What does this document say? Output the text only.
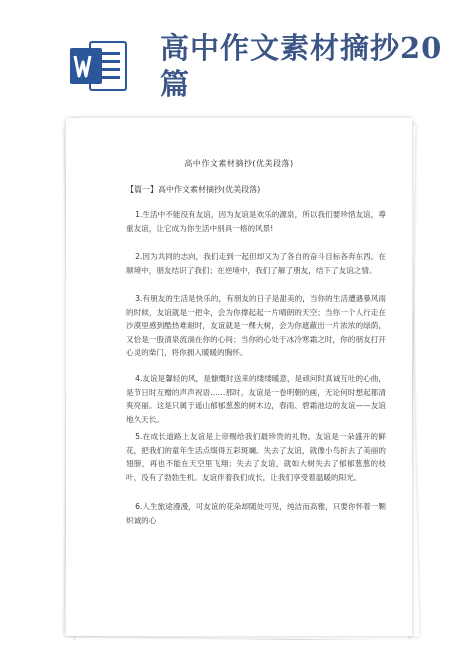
高中作文素材摘抄20篇
高中作文素材摘抄(优美段落)
【篇一】高中作文素材摘抄(优美段落)

1.生活中不能没有友谊，因为友谊是欢乐的源泉，所以我们要珍惜友谊，尊重友谊，让它成为你生活中别具一格的风景!

2.因为共同的志向，我们走到一起但却又为了各自的奋斗目标各奔东西。在顺境中，朋友结识了我们；在逆境中，我们了解了朋友，结下了友谊之情。

3.有朋友的生活是快乐的，有朋友的日子是甜美的，当你的生活遭遇暴风雨的时候，友谊就是一把伞，会为你撑起起一片晴朗的天空；当你一个人行走在沙漠里感到酷热难耐时，友谊就是一棵大树，会为你遮蔽出一片浓浓的绿荫，又恰是一股清泉流淌在你的心间；当你的心处于冰冷寒霜之时，你的朋友打开心灵的柴门，将你拥入暖暖的胸怀。

4.友谊是馨轻的风，是慷慨时送来的缕缕暖意，是顽问时真诚互吐的心曲，是节日时互赠的声声祝语……那时，友谊是一卷明朝的画，无论何时想起都清爽亮丽。这是只属于遥山郁郁葱葱的树木边，春雨、碧霜池边的友谊——友谊地久天长。

5.在成长道路上友谊是上帝赐给我们最珍贵的礼物。友谊是一朵盛开的鲜花，把我们的童年生活点缀得五彩斑斓。失去了友谊，就像小鸟折去了美丽的翅膀，再也不能在天空里飞翔；失去了友谊，就如大树失去了郁郁葱葱的枝叶，没有了勃勃生机。友谊伴着我们成长，让我们享受着温暖的阳光。

6.人生旅途漫漫，可友谊的花朵却随处可见，纯洁而高雅，只要你怀着一颗炽诚的心
